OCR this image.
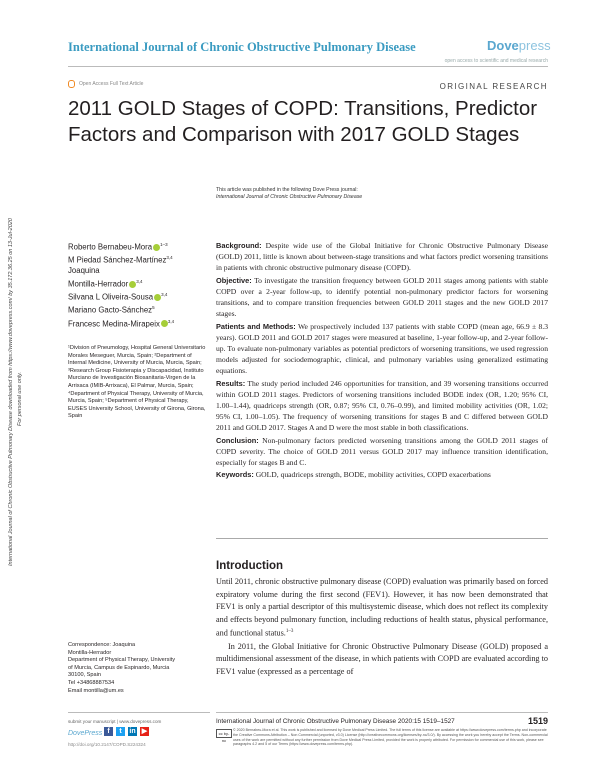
International Journal of Chronic Obstructive Pulmonary Disease	Dovepress
open access to scientific and medical research
Open Access Full Text Article	ORIGINAL RESEARCH
2011 GOLD Stages of COPD: Transitions, Predictor Factors and Comparison with 2017 GOLD Stages
This article was published in the following Dove Press journal:
International Journal of Chronic Obstructive Pulmonary Disease
International Journal of Chronic Obstructive Pulmonary Disease downloaded from https://www.dovepress.com/ by 35.172.36.25 on 13-Jul-2020 For personal use only.
Roberto Bernabeu-Mora $^{1-3}$
M Piedad Sánchez-Martínez$^{3,4}$
Joaquina
Montilla-Herrador $^{3,4}$
Silvana L Oliveira-Sousa $^{3,4}$
Mariano Gacto-Sánchez$^5$
Francesc Medina-Mirapeix $^{3,4}$
¹Division of Pneumology, Hospital General Universitario Morales Meseguer, Murcia, Spain; ²Department of Internal Medicine, University of Murcia, Murcia, Spain; ³Research Group Fisioterapia y Discapacidad, Instituto Murciano de Investigación Biosanitaria-Virgen de la Arrixaca (IMIB-Arrixaca), El Palmar, Murcia, Spain; ⁴Department of Physical Therapy, University of Murcia, Murcia, Spain; ⁵Department of Physical Therapy, EUSES University School, University of Girona, Girona, Spain
Correspondence: Joaquina
Montilla-Herrador
Department of Physical Therapy, University
of Murcia, Campus de Espinardo, Murcia
30100, Spain
Tel +34868887534
Email montilla@um.es

Background: Despite wide use of the Global Initiative for Chronic Obstructive Pulmonary Disease (GOLD) 2011, little is known about between-stage transitions and what factors predict worsening transitions in patients with chronic obstructive pulmonary disease (COPD).

Objective: To investigate the transition frequency between GOLD 2011 stages among patients with stable COPD over a 2-year follow-up, to identify potential non-pulmonary predictor factors for worsening transitions, and to compare transition frequencies between GOLD 2011 stages and the new GOLD 2017 stages.

Patients and Methods: We prospectively included 137 patients with stable COPD (mean age, 66.9 ± 8.3 years). GOLD 2011 and GOLD 2017 stages were measured at baseline, 1-year follow-up, and 2-year follow-up. To evaluate non-pulmonary variables as potential predictors of worsening transitions, we used regression models adjusted for sociodemographic, clinical, and pulmonary variables using generalized estimating equations.

Results: The study period included 246 opportunities for transition, and 39 worsening transitions occurred within GOLD 2011 stages. Predictors of worsening transitions included BODE index (OR, 1.20; 95% CI, 1.00–1.44), quadriceps strength (OR, 0.87; 95% CI, 0.76–0.99), and limited mobility activities (OR, 1.02; 95% CI, 1.00–1.05). The frequency of worsening transitions for stages B and C differed between GOLD 2011 and GOLD 2017. Stages A and D were the most stable in both classifications.

Conclusion: Non-pulmonary factors predicted worsening transitions among the GOLD 2011 stages of COPD severity. The choice of GOLD 2011 versus GOLD 2017 may influence transition identification, especially for stages B and C.

Keywords: GOLD, quadriceps strength, BODE, mobility activities, COPD exacerbations

Introduction

Until 2011, chronic obstructive pulmonary disease (COPD) evaluation was primarily based on forced expiratory volume during the first second (FEV1). However, it has now been demonstrated that FEV1 is only a partial descriptor of this multisystemic disease, which does not reflect its complexity and effects beyond pulmonary function, including reductions of health status, physical performance, and functional status.$^{1-3}$

In 2011, the Global Initiative for Chronic Obstructive Pulmonary Disease (GOLD) proposed a multidimensional assessment of the disease, in which patients with COPD are evaluated according to FEV1 value (expressed as a percentage of

submit your manuscript | www.dovepress.com
DovePress f	t	in ▶
http://doi.org/10.2147/COPD.S224324
International Journal of Chronic Obstructive Pulmonary Disease 2020:15 1519–1527	1519
cc by-nc
© 2020 Bernabeu-Mora et al. This work is published and licensed by Dove Medical Press Limited. The full terms of this license are available at https://www.dovepress.com/terms.php and incorporate the Creative Commons Attribution – Non Commercial (unported, v3.0) License (http://creativecommons.org/licenses/by-nc/3.0/). By accessing the work you hereby accept the Terms. Non-commercial uses of the work are permitted without any further permission from Dove Medical Press Limited, provided the work is properly attributed. For permission for commercial use of this work, please see paragraphs 4.2 and 5 of our Terms (https://www.dovepress.com/terms.php).
